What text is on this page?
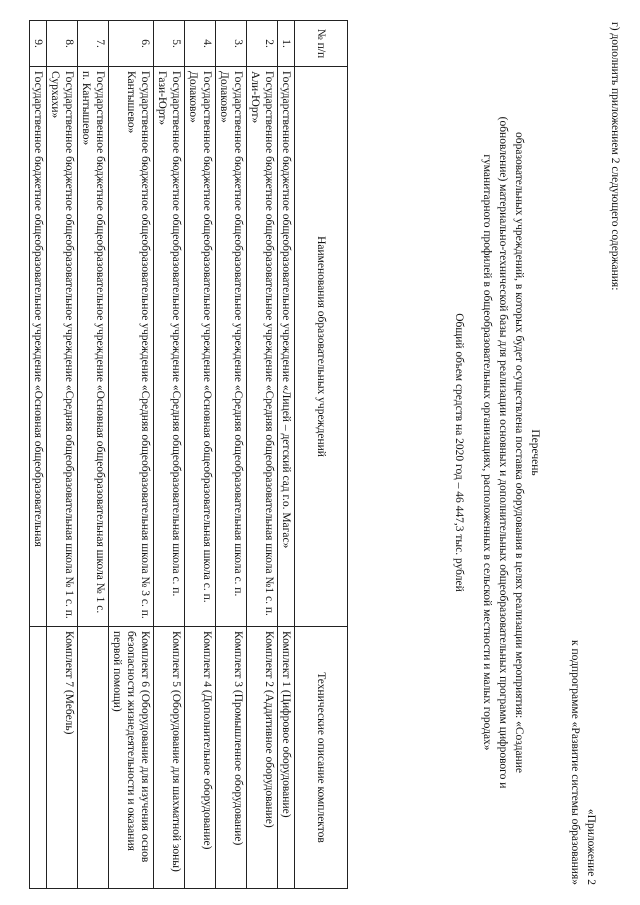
г) дополнить приложением 2 следующего содержания:
«Приложение 2
к подпрограмме «Развитие системы образования»
Перечень
образовательных учреждений, в которых будет осуществлена поставка оборудования в целях реализации мероприятия: «Создание
(обновление) материально-технической базы для реализации основных и дополнительных общеобразовательных программ цифрового и
гуманитарного профилей в общеобразовательных организациях, расположенных в сельской местности и малых городах»
Общий объем средств на 2020 год – 46 447,3 тыс. рублей
№ п/п	Наименования образовательных учреждений	Технические описание комплектов
1.	Государственное бюджетное общеобразовательное учреждение «Лицей – детский сад г.о. Магас»	Комплект 1 (Цифровое оборудование)
2.	Государственное бюджетное общеобразовательное учреждение «Средняя общеобразовательная школа №1 с. п. Али-Юрт»	Комплект 2 (Аддитивное оборудование)
3.	Государственное бюджетное общеобразовательное учреждение «Средняя общеобразовательная школа с. п. Долаково»	Комплект 3 (Промышленное оборудование)
4.	Государственное бюджетное общеобразовательное учреждение «Основная общеобразовательная школа с. п. Долаково»	Комплект 4 (Дополнительное оборудование)
5.	Государственное бюджетное общеобразовательное учреждение «Средняя общеобразовательная школа с. п. Гази-Юрт»	Комплект 5 (Оборудование для шахматной зоны)
6.	Государственное бюджетное общеобразовательное учреждение «Средняя общеобразовательная школа № 3 с. п. Кантышево»	Комплект 6 (Оборудование для изучения основ безопасности жизнедеятельности и оказания первой помощи)
7.	Государственное бюджетное общеобразовательное учреждение «Основная общеобразовательная школа № 1 с. п. Кантышево»	
8.	Государственное бюджетное общеобразовательное учреждение «Средняя общеобразовательная школа № 1 с. п. Сурхахи»	Комплект 7 (Мебель)
9.	Государственное бюджетное общеобразовательное учреждение «Основная общеобразовательная	
